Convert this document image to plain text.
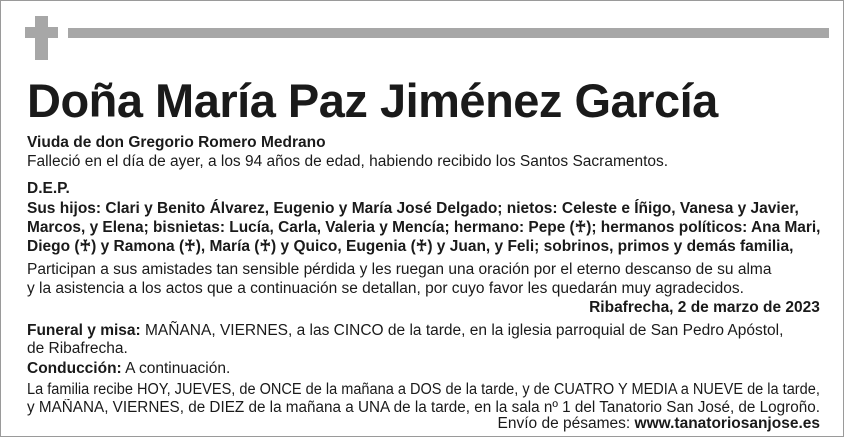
Doña María Paz Jiménez García

Viuda de don Gregorio Romero Medrano

Falleció en el día de ayer, a los 94 años de edad, habiendo recibido los Santos Sacramentos.

D.E.P.

Sus hijos: Clari y Benito Álvarez, Eugenio y María José Delgado; nietos: Celeste e Íñigo, Vanesa y Javier,

Marcos, y Elena; bisnietas: Lucía, Carla, Valeria y Mencía; hermano: Pepe (♰); hermanos políticos: Ana Mari,

Diego (♰) y Ramona (♰), María (♰) y Quico, Eugenia (♰) y Juan, y Feli; sobrinos, primos y demás familia,

Participan a sus amistades tan sensible pérdida y les ruegan una oración por el eterno descanso de su alma

y la asistencia a los actos que a continuación se detallan, por cuyo favor les quedarán muy agradecidos.

Ribafrecha, 2 de marzo de 2023

Funeral y misa: MAÑANA, VIERNES, a las CINCO de la tarde, en la iglesia parroquial de San Pedro Apóstol,

de Ribafrecha.

Conducción: A continuación.

La familia recibe HOY, JUEVES, de ONCE de la mañana a DOS de la tarde, y de CUATRO Y MEDIA a NUEVE de la tarde,

y MAÑANA, VIERNES, de DIEZ de la mañana a UNA de la tarde, en la sala nº 1 del Tanatorio San José, de Logroño.

Envío de pésames: www.tanatoriosanjose.es
